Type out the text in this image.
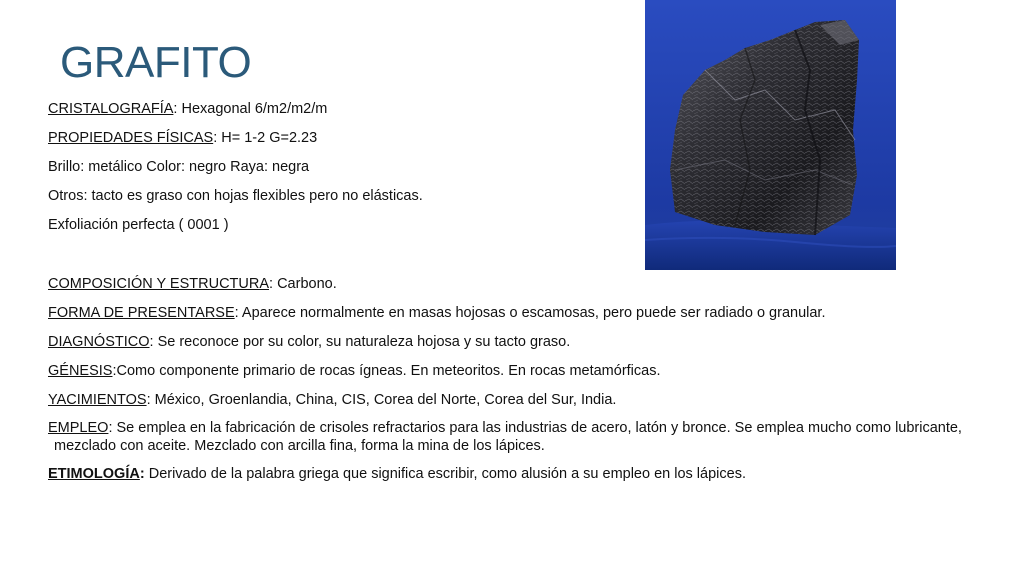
GRAFITO
CRISTALOGRAFÍA: Hexagonal 6/m2/m2/m
PROPIEDADES FÍSICAS: H= 1-2 G=2.23
Brillo: metálico Color: negro Raya: negra
Otros: tacto es graso con hojas flexibles pero no elásticas.
Exfoliación perfecta ( 0001 )
COMPOSICIÓN Y ESTRUCTURA: Carbono.
FORMA DE PRESENTARSE: Aparece normalmente en masas hojosas o escamosas, pero puede ser radiado o granular.
DIAGNÓSTICO: Se reconoce por su color, su naturaleza hojosa y su tacto graso.
GÉNESIS:Como componente primario de rocas ígneas. En meteoritos. En rocas metamórficas.
YACIMIENTOS: México, Groenlandia, China, CIS, Corea del Norte, Corea del Sur, India.
EMPLEO: Se emplea en la fabricación de crisoles refractarios para las industrias de acero, latón y bronce. Se emplea mucho como lubricante, mezclado con aceite. Mezclado con arcilla fina, forma la mina de los lápices.
ETIMOLOGÍA: Derivado de la palabra griega que significa escribir, como alusión a su empleo en los lápices.
